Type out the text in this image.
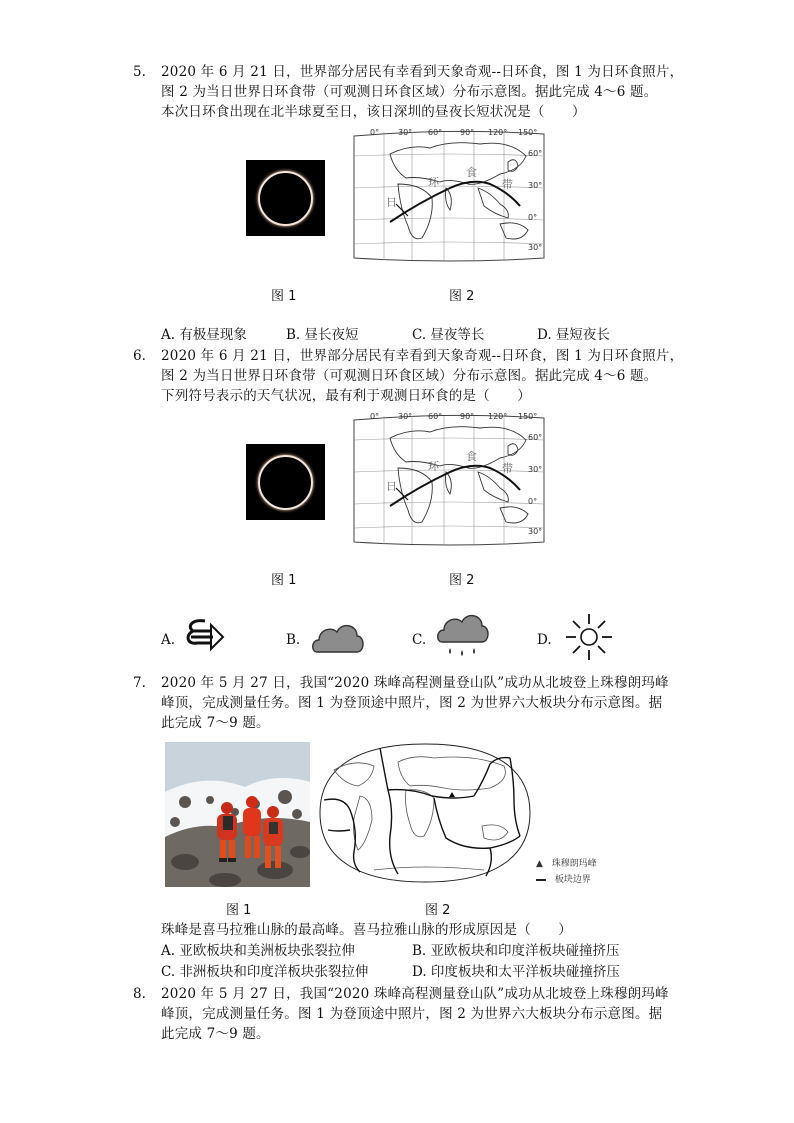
5. 2020 年 6 月 21 日，世界部分居民有幸看到天象奇观--日环食，图 1 为日环食照片，
图 2 为当日世界日环食带（可观测日环食区域）分布示意图。据此完成 4～6 题。
本次日环食出现在北半球夏至日，该日深圳的昼夜长短状况是（　　）
0° 30° 60° 90° 120° 150°
60°
30°
0°
30°
日
环
食
带
图 1	图 2
A. 有极昼现象	B. 昼长夜短	C. 昼夜等长	D. 昼短夜长
6. 2020 年 6 月 21 日，世界部分居民有幸看到天象奇观--日环食，图 1 为日环食照片，
图 2 为当日世界日环食带（可观测日环食区域）分布示意图。据此完成 4～6 题。
下列符号表示的天气状况，最有利于观测日环食的是（　　）
0° 30° 60° 90° 120° 150°
60°
30°
0°
30°
日
环
食
带
图 1	图 2
A.	B.	C.	D.
7. 2020 年 5 月 27 日，我国“2020 珠峰高程测量登山队”成功从北坡登上珠穆朗玛峰
峰顶，完成测量任务。图 1 为登顶途中照片，图 2 为世界六大板块分布示意图。据
此完成 7～9 题。
▲ 珠穆朗玛峰
板块边界
图 1	图 2
珠峰是喜马拉雅山脉的最高峰。喜马拉雅山脉的形成原因是（　　）
A. 亚欧板块和美洲板块张裂拉伸	B. 亚欧板块和印度洋板块碰撞挤压
C. 非洲板块和印度洋板块张裂拉伸	D. 印度板块和太平洋板块碰撞挤压
8. 2020 年 5 月 27 日，我国“2020 珠峰高程测量登山队”成功从北坡登上珠穆朗玛峰
峰顶，完成测量任务。图 1 为登顶途中照片，图 2 为世界六大板块分布示意图。据
此完成 7～9 题。
